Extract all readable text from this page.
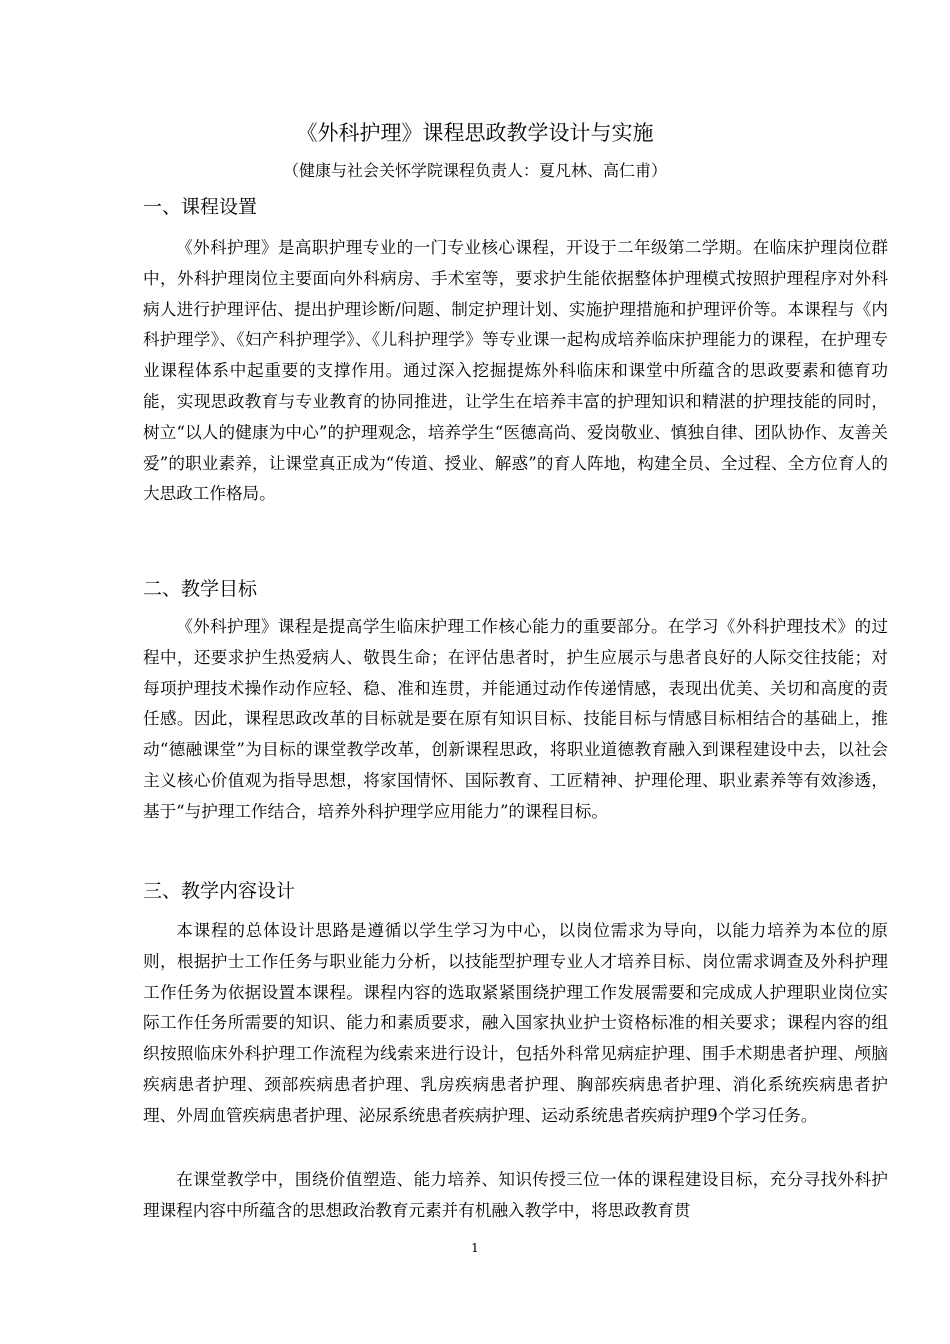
《外科护理》课程思政教学设计与实施

（健康与社会关怀学院课程负责人：夏凡林、高仁甫）

一、课程设置

《外科护理》是高职护理专业的一门专业核心课程，开设于二年级第二学期。在临床护理岗位群中，外科护理岗位主要面向外科病房、手术室等，要求护生能依据整体护理模式按照护理程序对外科病人进行护理评估、提出护理诊断/问题、制定护理计划、实施护理措施和护理评价等。本课程与《内科护理学》、《妇产科护理学》、《儿科护理学》等专业课一起构成培养临床护理能力的课程，在护理专业课程体系中起重要的支撑作用。通过深入挖掘提炼外科临床和课堂中所蕴含的思政要素和德育功能，实现思政教育与专业教育的协同推进，让学生在培养丰富的护理知识和精湛的护理技能的同时，树立“以人的健康为中心”的护理观念，培养学生“医德高尚、爱岗敬业、慎独自律、团队协作、友善关爱”的职业素养，让课堂真正成为“传道、授业、解惑”的育人阵地，构建全员、全过程、全方位育人的大思政工作格局。

二、教学目标

《外科护理》课程是提高学生临床护理工作核心能力的重要部分。在学习《外科护理技术》的过程中，还要求护生热爱病人、敬畏生命；在评估患者时，护生应展示与患者良好的人际交往技能；对每项护理技术操作动作应轻、稳、准和连贯，并能通过动作传递情感，表现出优美、关切和高度的责任感。因此，课程思政改革的目标就是要在原有知识目标、技能目标与情感目标相结合的基础上，推动“德融课堂”为目标的课堂教学改革，创新课程思政，将职业道德教育融入到课程建设中去，以社会主义核心价值观为指导思想，将家国情怀、国际教育、工匠精神、护理伦理、职业素养等有效渗透，基于“与护理工作结合，培养外科护理学应用能力”的课程目标。

三、教学内容设计

本课程的总体设计思路是遵循以学生学习为中心，以岗位需求为导向，以能力培养为本位的原则，根据护士工作任务与职业能力分析，以技能型护理专业人才培养目标、岗位需求调查及外科护理工作任务为依据设置本课程。课程内容的选取紧紧围绕护理工作发展需要和完成成人护理职业岗位实际工作任务所需要的知识、能力和素质要求，融入国家执业护士资格标准的相关要求；课程内容的组织按照临床外科护理工作流程为线索来进行设计，包括外科常见病症护理、围手术期患者护理、颅脑疾病患者护理、颈部疾病患者护理、乳房疾病患者护理、胸部疾病患者护理、消化系统疾病患者护理、外周血管疾病患者护理、泌尿系统患者疾病护理、运动系统患者疾病护理9个学习任务。

在课堂教学中，围绕价值塑造、能力培养、知识传授三位一体的课程建设目标，充分寻找外科护理课程内容中所蕴含的思想政治教育元素并有机融入教学中，将思政教育贯

1
